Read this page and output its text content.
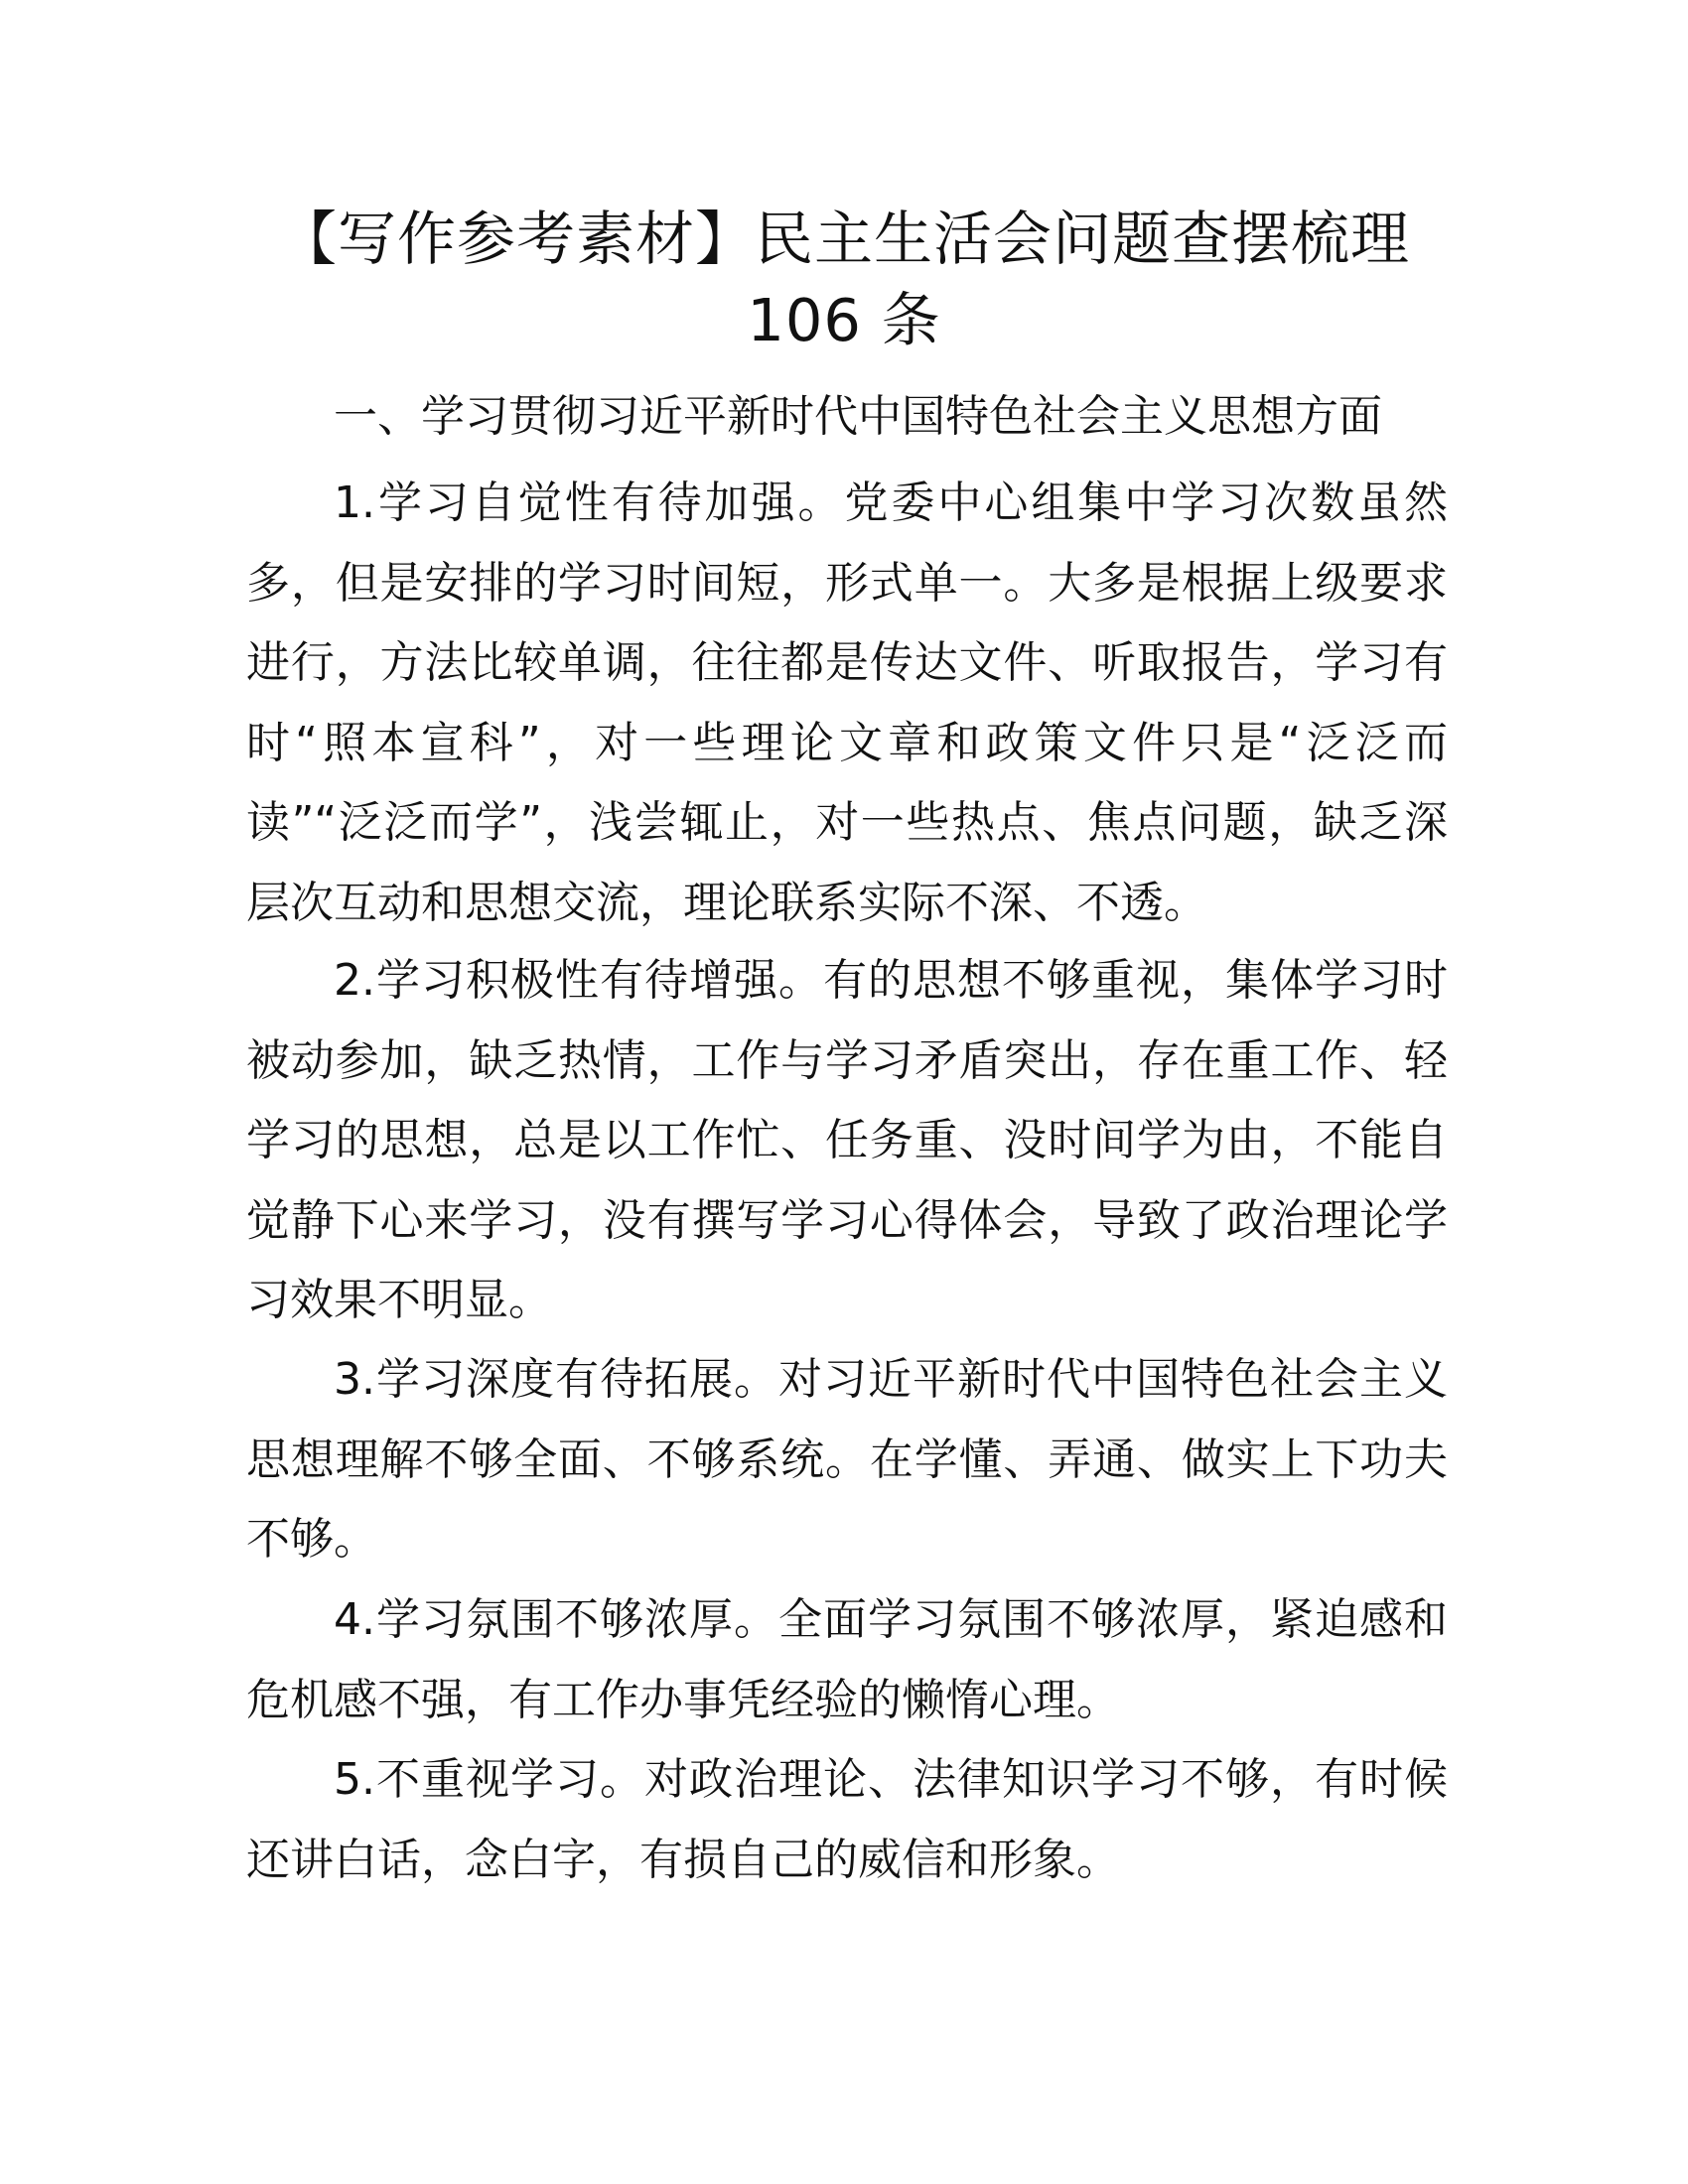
【写作参考素材】民主生活会问题查摆梳理
106 条
一、学习贯彻习近平新时代中国特色社会主义思想方面

1.学习自觉性有待加强。党委中心组集中学习次数虽然多，但是安排的学习时间短，形式单一。大多是根据上级要求进行，方法比较单调，往往都是传达文件、听取报告，学习有时“照本宣科”，对一些理论文章和政策文件只是“泛泛而读”“泛泛而学”，浅尝辄止，对一些热点、焦点问题，缺乏深层次互动和思想交流，理论联系实际不深、不透。

2.学习积极性有待增强。有的思想不够重视，集体学习时被动参加，缺乏热情，工作与学习矛盾突出，存在重工作、轻学习的思想，总是以工作忙、任务重、没时间学为由，不能自觉静下心来学习，没有撰写学习心得体会，导致了政治理论学习效果不明显。

3.学习深度有待拓展。对习近平新时代中国特色社会主义思想理解不够全面、不够系统。在学懂、弄通、做实上下功夫不够。

4.学习氛围不够浓厚。全面学习氛围不够浓厚，紧迫感和危机感不强，有工作办事凭经验的懒惰心理。

5.不重视学习。对政治理论、法律知识学习不够，有时候还讲白话，念白字，有损自己的威信和形象。
